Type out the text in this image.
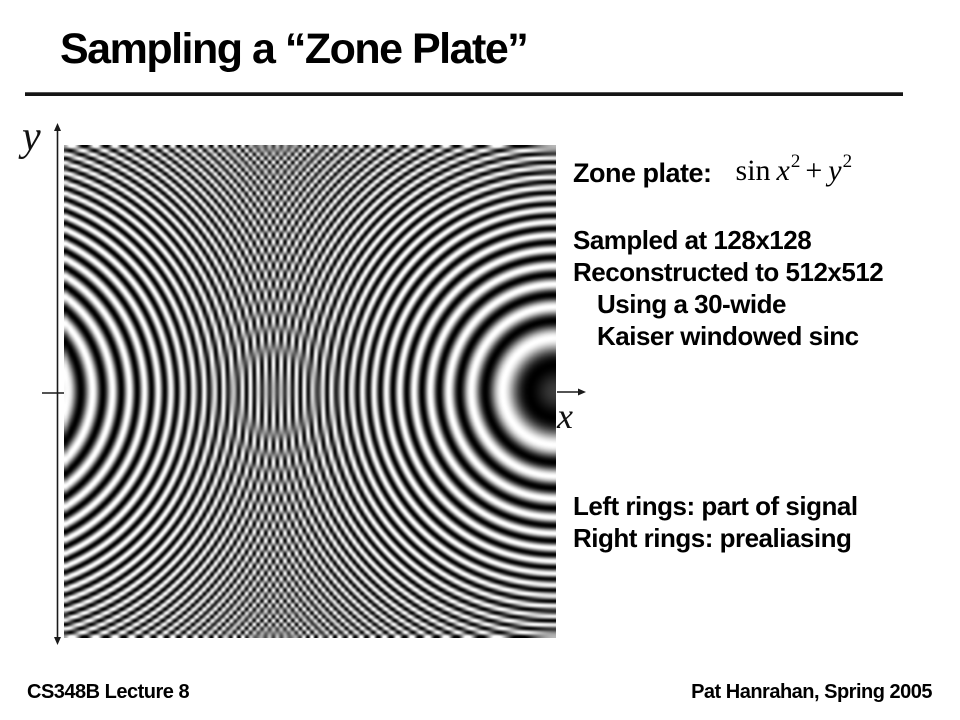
Sampling a “Zone Plate”
y
x
Zone plate: $\sin x^2 + y^2$
Sampled at 128x128
Reconstructed to 512x512
Using a 30-wide
Kaiser windowed sinc
Left rings: part of signal
Right rings: prealiasing
CS348B Lecture 8	Pat Hanrahan, Spring 2005
